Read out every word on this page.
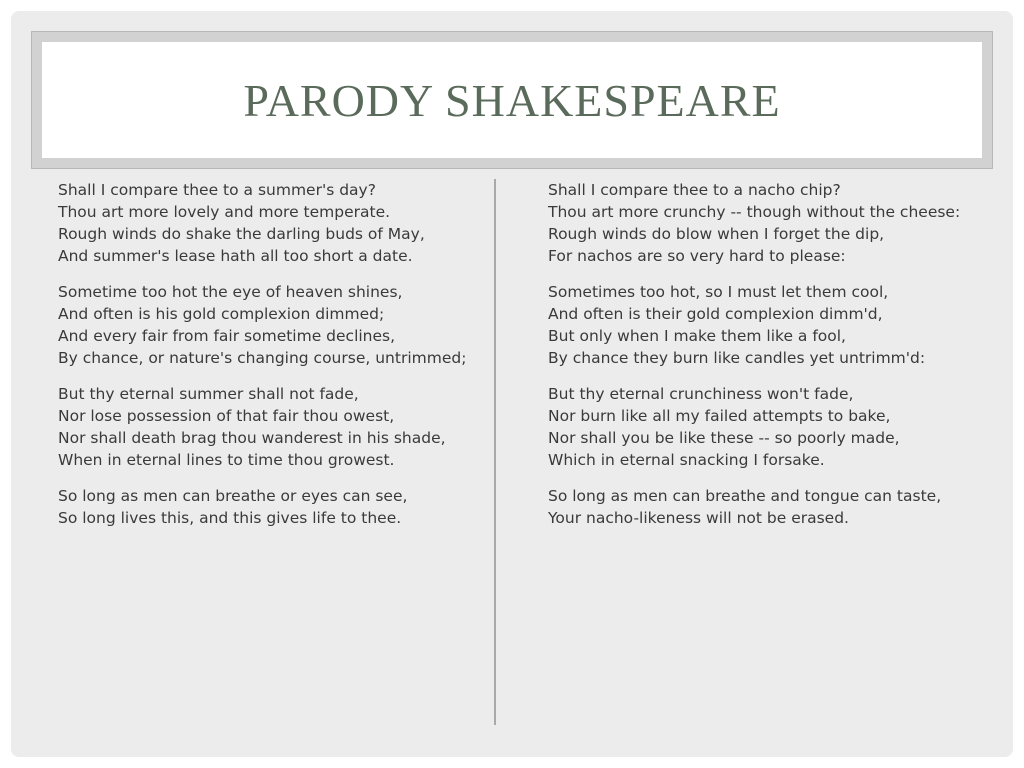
PARODY SHAKESPEARE
Shall I compare thee to a summer's day?
Thou art more lovely and more temperate.
Rough winds do shake the darling buds of May,
And summer's lease hath all too short a date.
Sometime too hot the eye of heaven shines,
And often is his gold complexion dimmed;
And every fair from fair sometime declines,
By chance, or nature's changing course, untrimmed;
But thy eternal summer shall not fade,
Nor lose possession of that fair thou owest,
Nor shall death brag thou wanderest in his shade,
When in eternal lines to time thou growest.
So long as men can breathe or eyes can see,
So long lives this, and this gives life to thee.
Shall I compare thee to a nacho chip?
Thou art more crunchy -- though without the cheese:
Rough winds do blow when I forget the dip,
For nachos are so very hard to please:
Sometimes too hot, so I must let them cool,
And often is their gold complexion dimm'd,
But only when I make them like a fool,
By chance they burn like candles yet untrimm'd:
But thy eternal crunchiness won't fade,
Nor burn like all my failed attempts to bake,
Nor shall you be like these -- so poorly made,
Which in eternal snacking I forsake.
So long as men can breathe and tongue can taste,
Your nacho-likeness will not be erased.
